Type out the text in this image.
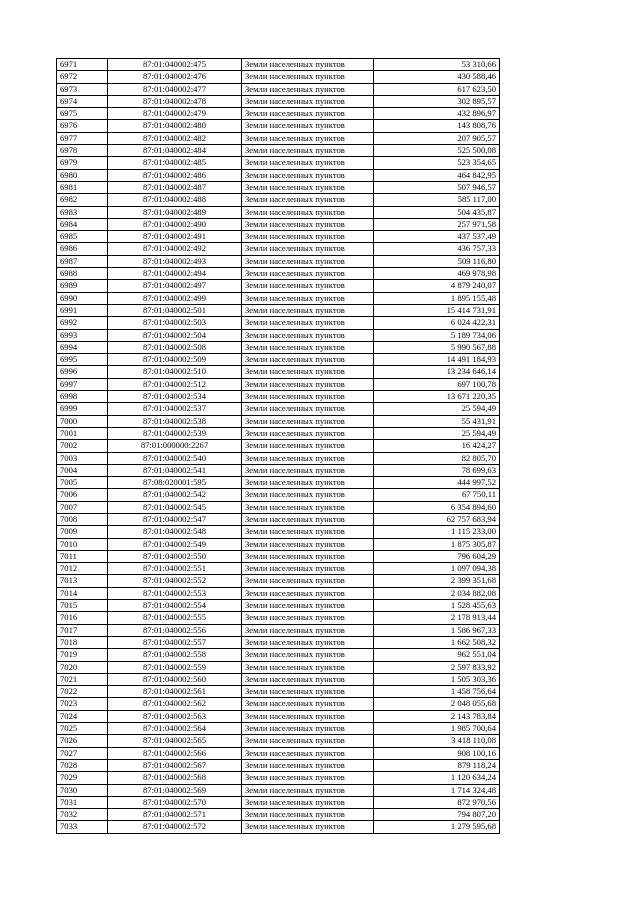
6971	87:01:040002:475	Земли населенных пунктов	53 310,66
6972	87:01:040002:476	Земли населенных пунктов	430 588,46
6973	87:01:040002:477	Земли населенных пунктов	617 623,50
6974	87:01:040002:478	Земли населенных пунктов	302 895,57
6975	87:01:040002:479	Земли населенных пунктов	432 896,97
6976	87:01:040002:480	Земли населенных пунктов	143 808,76
6977	87:01:040002:482	Земли населенных пунктов	207 905,57
6978	87:01:040002:484	Земли населенных пунктов	525 500,08
6979	87:01:040002:485	Земли населенных пунктов	523 354,65
6980	87:01:040002:486	Земли населенных пунктов	464 842,95
6981	87:01:040002:487	Земли населенных пунктов	507 946,57
6982	87:01:040002:488	Земли населенных пунктов	585 117,00
6983	87:01:040002:489	Земли населенных пунктов	504 435,87
6984	87:01:040002:490	Земли населенных пунктов	257 971,58
6985	87:01:040002:491	Земли населенных пунктов	437 537,49
6986	87:01:040002:492	Земли населенных пунктов	436 757,33
6987	87:01:040002:493	Земли населенных пунктов	509 116,80
6988	87:01:040002:494	Земли населенных пунктов	469 978,98
6989	87:01:040002:497	Земли населенных пунктов	4 879 240,07
6990	87:01:040002:499	Земли населенных пунктов	1 895 155,48
6991	87:01:040002:501	Земли населенных пунктов	15 414 731,91
6992	87:01:040002:503	Земли населенных пунктов	6 024 422,31
6993	87:01:040002:504	Земли населенных пунктов	5 189 734,06
6994	87:01:040002:508	Земли населенных пунктов	5 990 567,88
6995	87:01:040002:509	Земли населенных пунктов	14 491 184,93
6996	87:01:040002:510	Земли населенных пунктов	13 234 646,14
6997	87:01:040002:512	Земли населенных пунктов	697 100,78
6998	87:01:040002:534	Земли населенных пунктов	13 671 220,35
6999	87:01:040002:537	Земли населенных пунктов	25 594,49
7000	87:01:040002:538	Земли населенных пунктов	55 431,91
7001	87:01:040002:539	Земли населенных пунктов	25 594,49
7002	87:01:000000:2267	Земли населенных пунктов	16 424,27
7003	87:01:040002:540	Земли населенных пунктов	82 805,70
7004	87:01:040002:541	Земли населенных пунктов	78 699,63
7005	87:08:020001:595	Земли населенных пунктов	444 997,52
7006	87:01:040002:542	Земли населенных пунктов	67 750,11
7007	87:01:040002:545	Земли населенных пунктов	6 354 894,60
7008	87:01:040002:547	Земли населенных пунктов	62 757 683,94
7009	87:01:040002:548	Земли населенных пунктов	1 115 233,00
7010	87:01:040002:549	Земли населенных пунктов	1 875 305,87
7011	87:01:040002:550	Земли населенных пунктов	796 604,29
7012	87:01:040002:551	Земли населенных пунктов	1 097 094,38
7013	87:01:040002:552	Земли населенных пунктов	2 399 351,68
7014	87:01:040002:553	Земли населенных пунктов	2 034 882,08
7015	87:01:040002:554	Земли населенных пунктов	1 528 455,63
7016	87:01:040002:555	Земли населенных пунктов	2 178 913,44
7017	87:01:040002:556	Земли населенных пунктов	1 586 967,33
7018	87:01:040002:557	Земли населенных пунктов	1 662 508,32
7019	87:01:040002:558	Земли населенных пунктов	962 551,04
7020	87:01:040002:559	Земли населенных пунктов	2 597 833,92
7021	87:01:040002:560	Земли населенных пунктов	1 505 303,36
7022	87:01:040002:561	Земли населенных пунктов	1 458 756,64
7023	87:01:040002:562	Земли населенных пунктов	2 048 055,68
7024	87:01:040002:563	Земли населенных пунктов	2 143 783,84
7025	87:01:040002:564	Земли населенных пунктов	1 985 700,64
7026	87:01:040002:565	Земли населенных пунктов	3 418 110,08
7027	87:01:040002:566	Земли населенных пунктов	908 100,16
7028	87:01:040002:567	Земли населенных пунктов	879 118,24
7029	87:01:040002:568	Земли населенных пунктов	1 120 634,24
7030	87:01:040002:569	Земли населенных пунктов	1 714 324,48
7031	87:01:040002:570	Земли населенных пунктов	872 970,56
7032	87:01:040002:571	Земли населенных пунктов	794 807,20
7033	87:01:040002:572	Земли населенных пунктов	1 279 595,68
